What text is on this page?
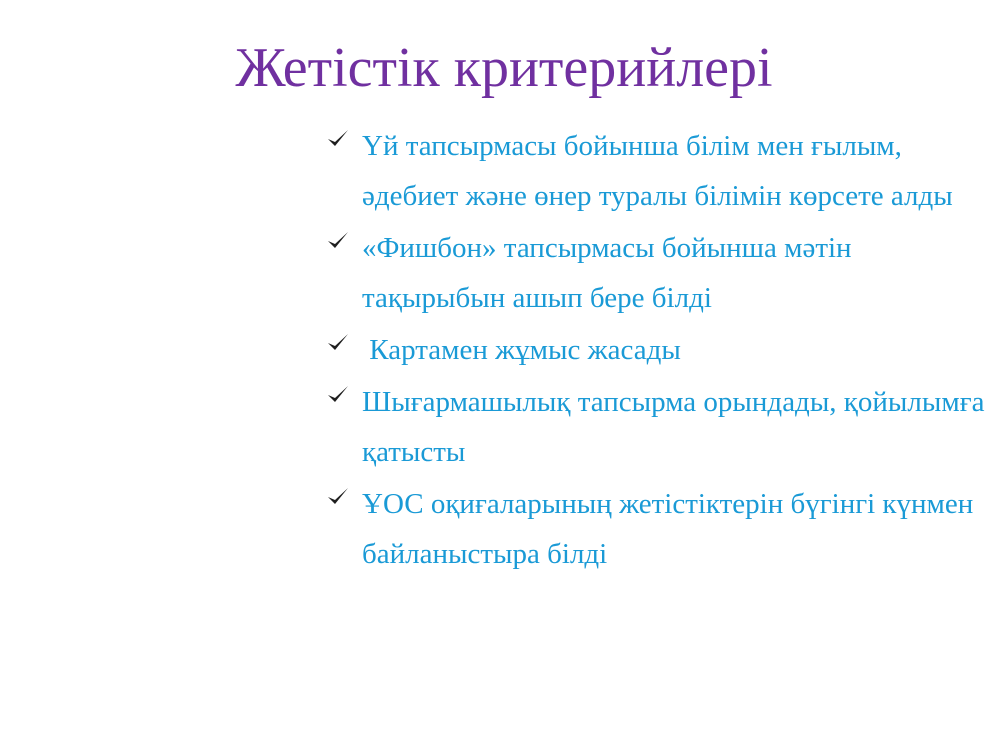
Жетістік критерийлері
Үй тапсырмасы бойынша білім мен ғылым, әдебиет және өнер туралы білімін көрсете алды
«Фишбон» тапсырмасы бойынша мәтін тақырыбын ашып бере білді
Картамен жұмыс жасады
Шығармашылық тапсырма орындады, қойылымға қатысты
ҰОС оқиғаларының жетістіктерін бүгінгі күнмен байланыстыра білді
